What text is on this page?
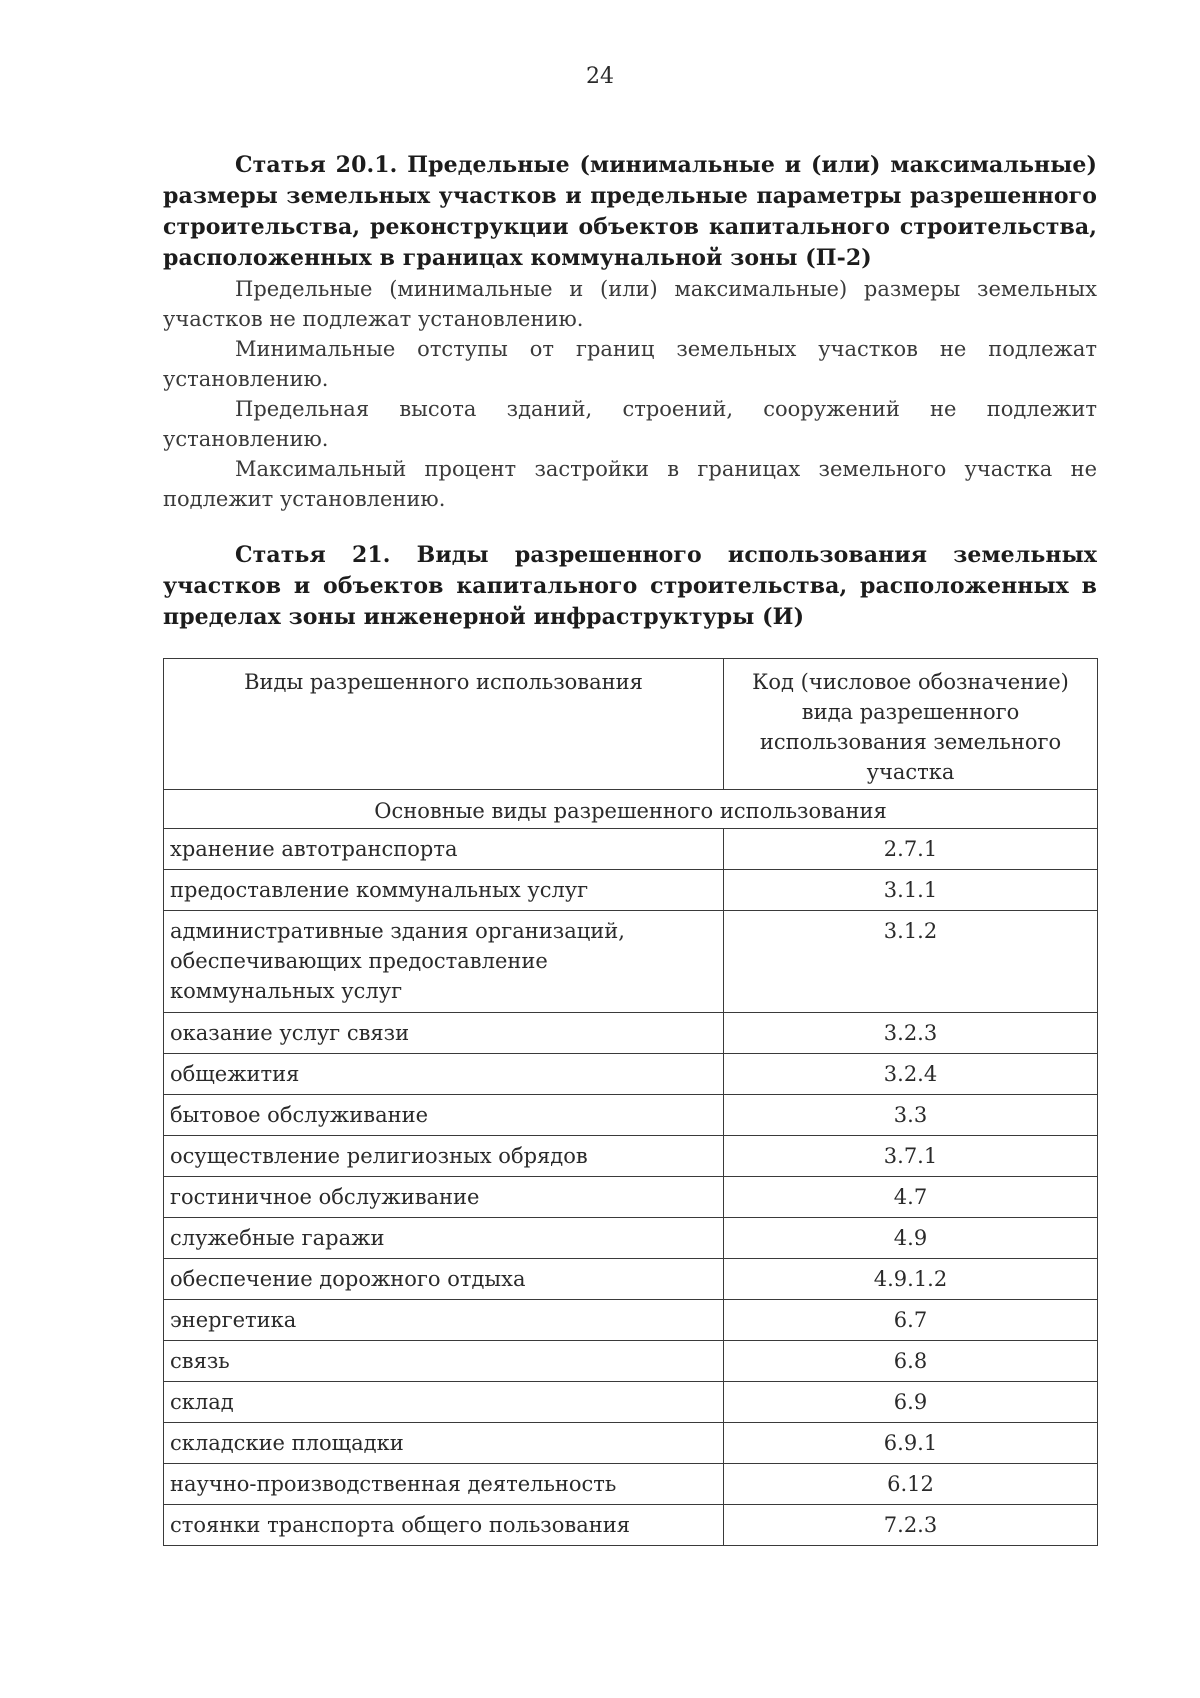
24

Статья 20.1. Предельные (минимальные и (или) максимальные) размеры земельных участков и предельные параметры разрешенного строительства, реконструкции объектов капитального строительства, расположенных в границах коммунальной зоны (П-2)

Предельные (минимальные и (или) максимальные) размеры земельных участков не подлежат установлению.

Минимальные отступы от границ земельных участков не подлежат установлению.

Предельная высота зданий, строений, сооружений не подлежит установлению.

Максимальный процент застройки в границах земельного участка не подлежит установлению.

Статья 21. Виды разрешенного использования земельных участков и объектов капитального строительства, расположенных в пределах зоны инженерной инфраструктуры (И)

Виды разрешенного использования	Код (числовое обозначение) вида разрешенного использования земельного участка
Основные виды разрешенного использования	
хранение автотранспорта	2.7.1
предоставление коммунальных услуг	3.1.1
административные здания организаций, обеспечивающих предоставление коммунальных услуг	3.1.2
оказание услуг связи	3.2.3
общежития	3.2.4
бытовое обслуживание	3.3
осуществление религиозных обрядов	3.7.1
гостиничное обслуживание	4.7
служебные гаражи	4.9
обеспечение дорожного отдыха	4.9.1.2
энергетика	6.7
связь	6.8
склад	6.9
складские площадки	6.9.1
научно-производственная деятельность	6.12
стоянки транспорта общего пользования	7.2.3
